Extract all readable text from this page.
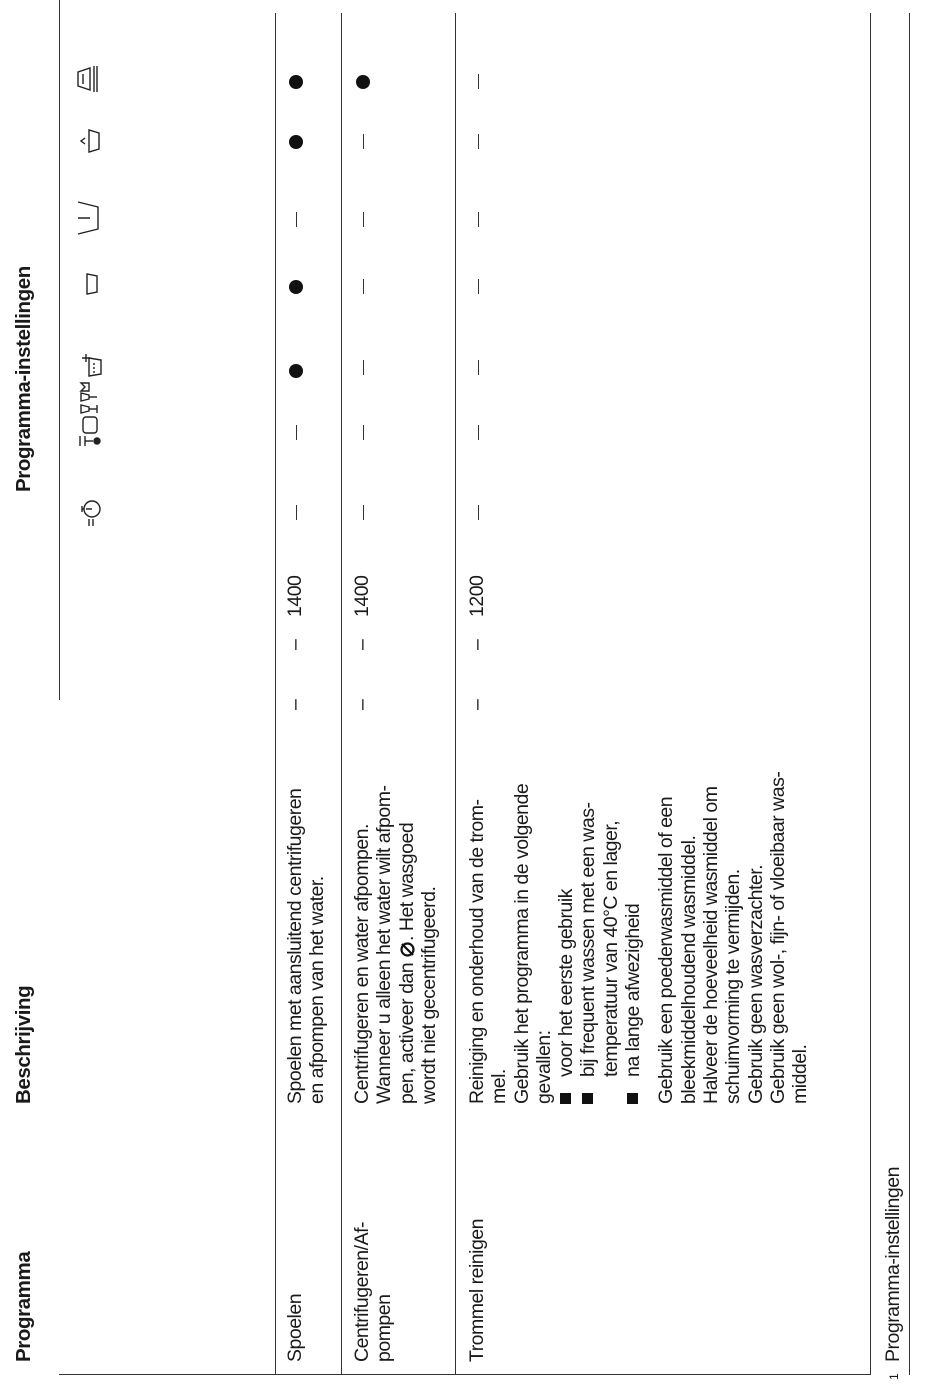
Programma
Beschrijving
Programma-instellingen
Spoelen
Spoelen met aansluitend centrifugeren en afpompen van het water.
–
–
1400
Centrifugeren/Af- pompen
Centrifugeren en water afpompen. Wanneer u alleen het water wilt afpom- pen, activeer dan . Het wasgoed
wordt niet gecentrifugeerd.
–
–
1400
Trommel reinigen
Reiniging en onderhoud van de trom- mel. Gebruik het programma in de volgende gevallen: voor het eerste gebruik bij frequent wassen met een was- temperatuur van 40°C en lager, na lange afwezigheid Gebruik een poederwasmiddel of een bleekmiddelhoudend wasmiddel. Halveer de hoeveelheid wasmiddel om schuimvorming te vermijden. Gebruik geen wasverzachter. Gebruik geen wol-, fijn- of vloeibaar was- middel.
–
–
1200
1
Programma-instellingen
